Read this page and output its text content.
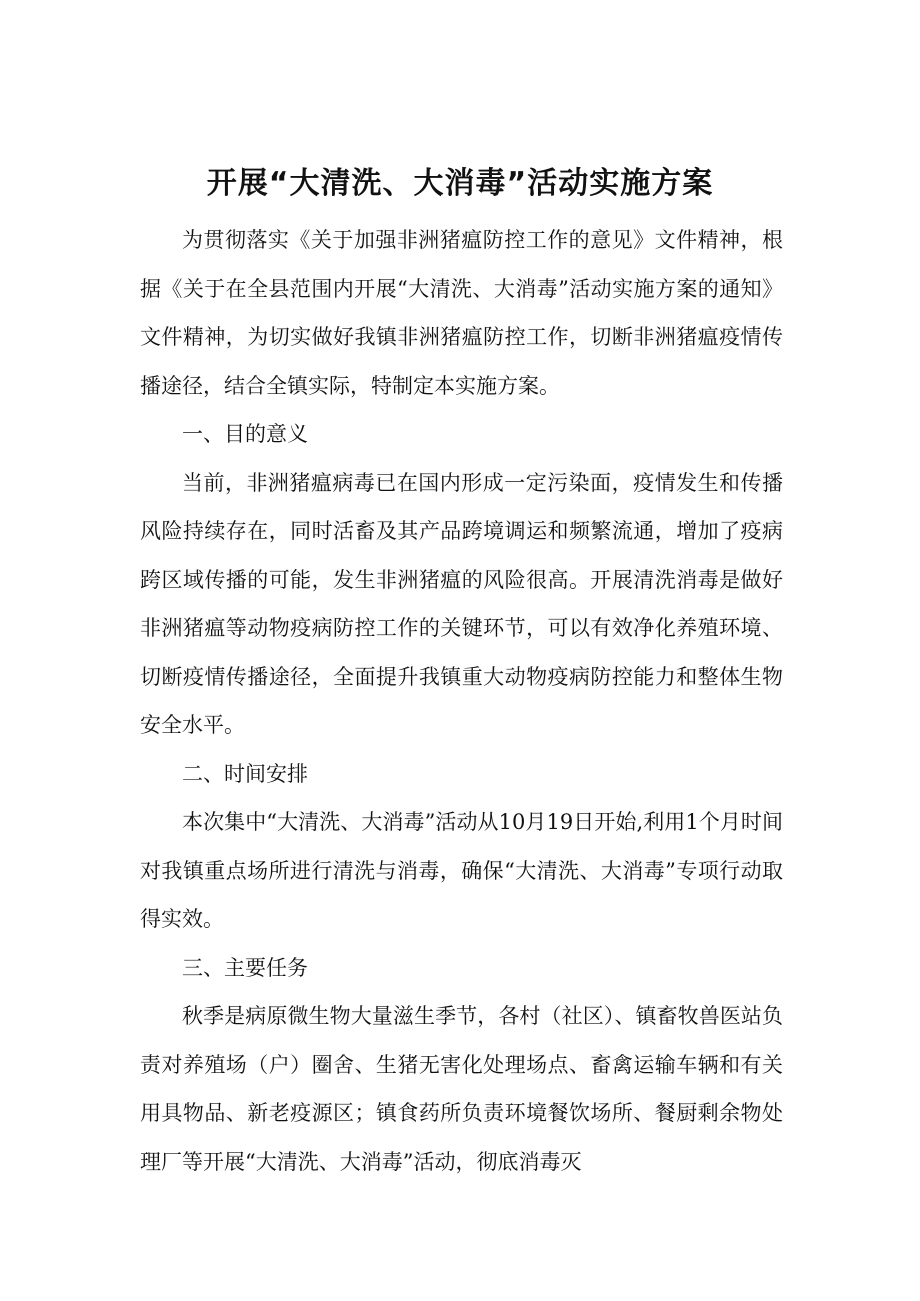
开展“大清洗、大消毒”活动实施方案

为贯彻落实《关于加强非洲猪瘟防控工作的意见》文件精神，根据《关于在全县范围内开展“大清洗、大消毒”活动实施方案的通知》文件精神，为切实做好我镇非洲猪瘟防控工作，切断非洲猪瘟疫情传播途径，结合全镇实际，特制定本实施方案。

一、目的意义

当前，非洲猪瘟病毒已在国内形成一定污染面，疫情发生和传播风险持续存在，同时活畜及其产品跨境调运和频繁流通，增加了疫病跨区域传播的可能，发生非洲猪瘟的风险很高。开展清洗消毒是做好非洲猪瘟等动物疫病防控工作的关键环节，可以有效净化养殖环境、切断疫情传播途径，全面提升我镇重大动物疫病防控能力和整体生物安全水平。

二、时间安排

本次集中“大清洗、大消毒”活动从10月19日开始,利用1个月时间对我镇重点场所进行清洗与消毒，确保“大清洗、大消毒”专项行动取得实效。

三、主要任务

秋季是病原微生物大量滋生季节，各村（社区）、镇畜牧兽医站负责对养殖场（户）圈舍、生猪无害化处理场点、畜禽运输车辆和有关用具物品、新老疫源区；镇食药所负责环境餐饮场所、餐厨剩余物处理厂等开展“大清洗、大消毒”活动，彻底消毒灭
